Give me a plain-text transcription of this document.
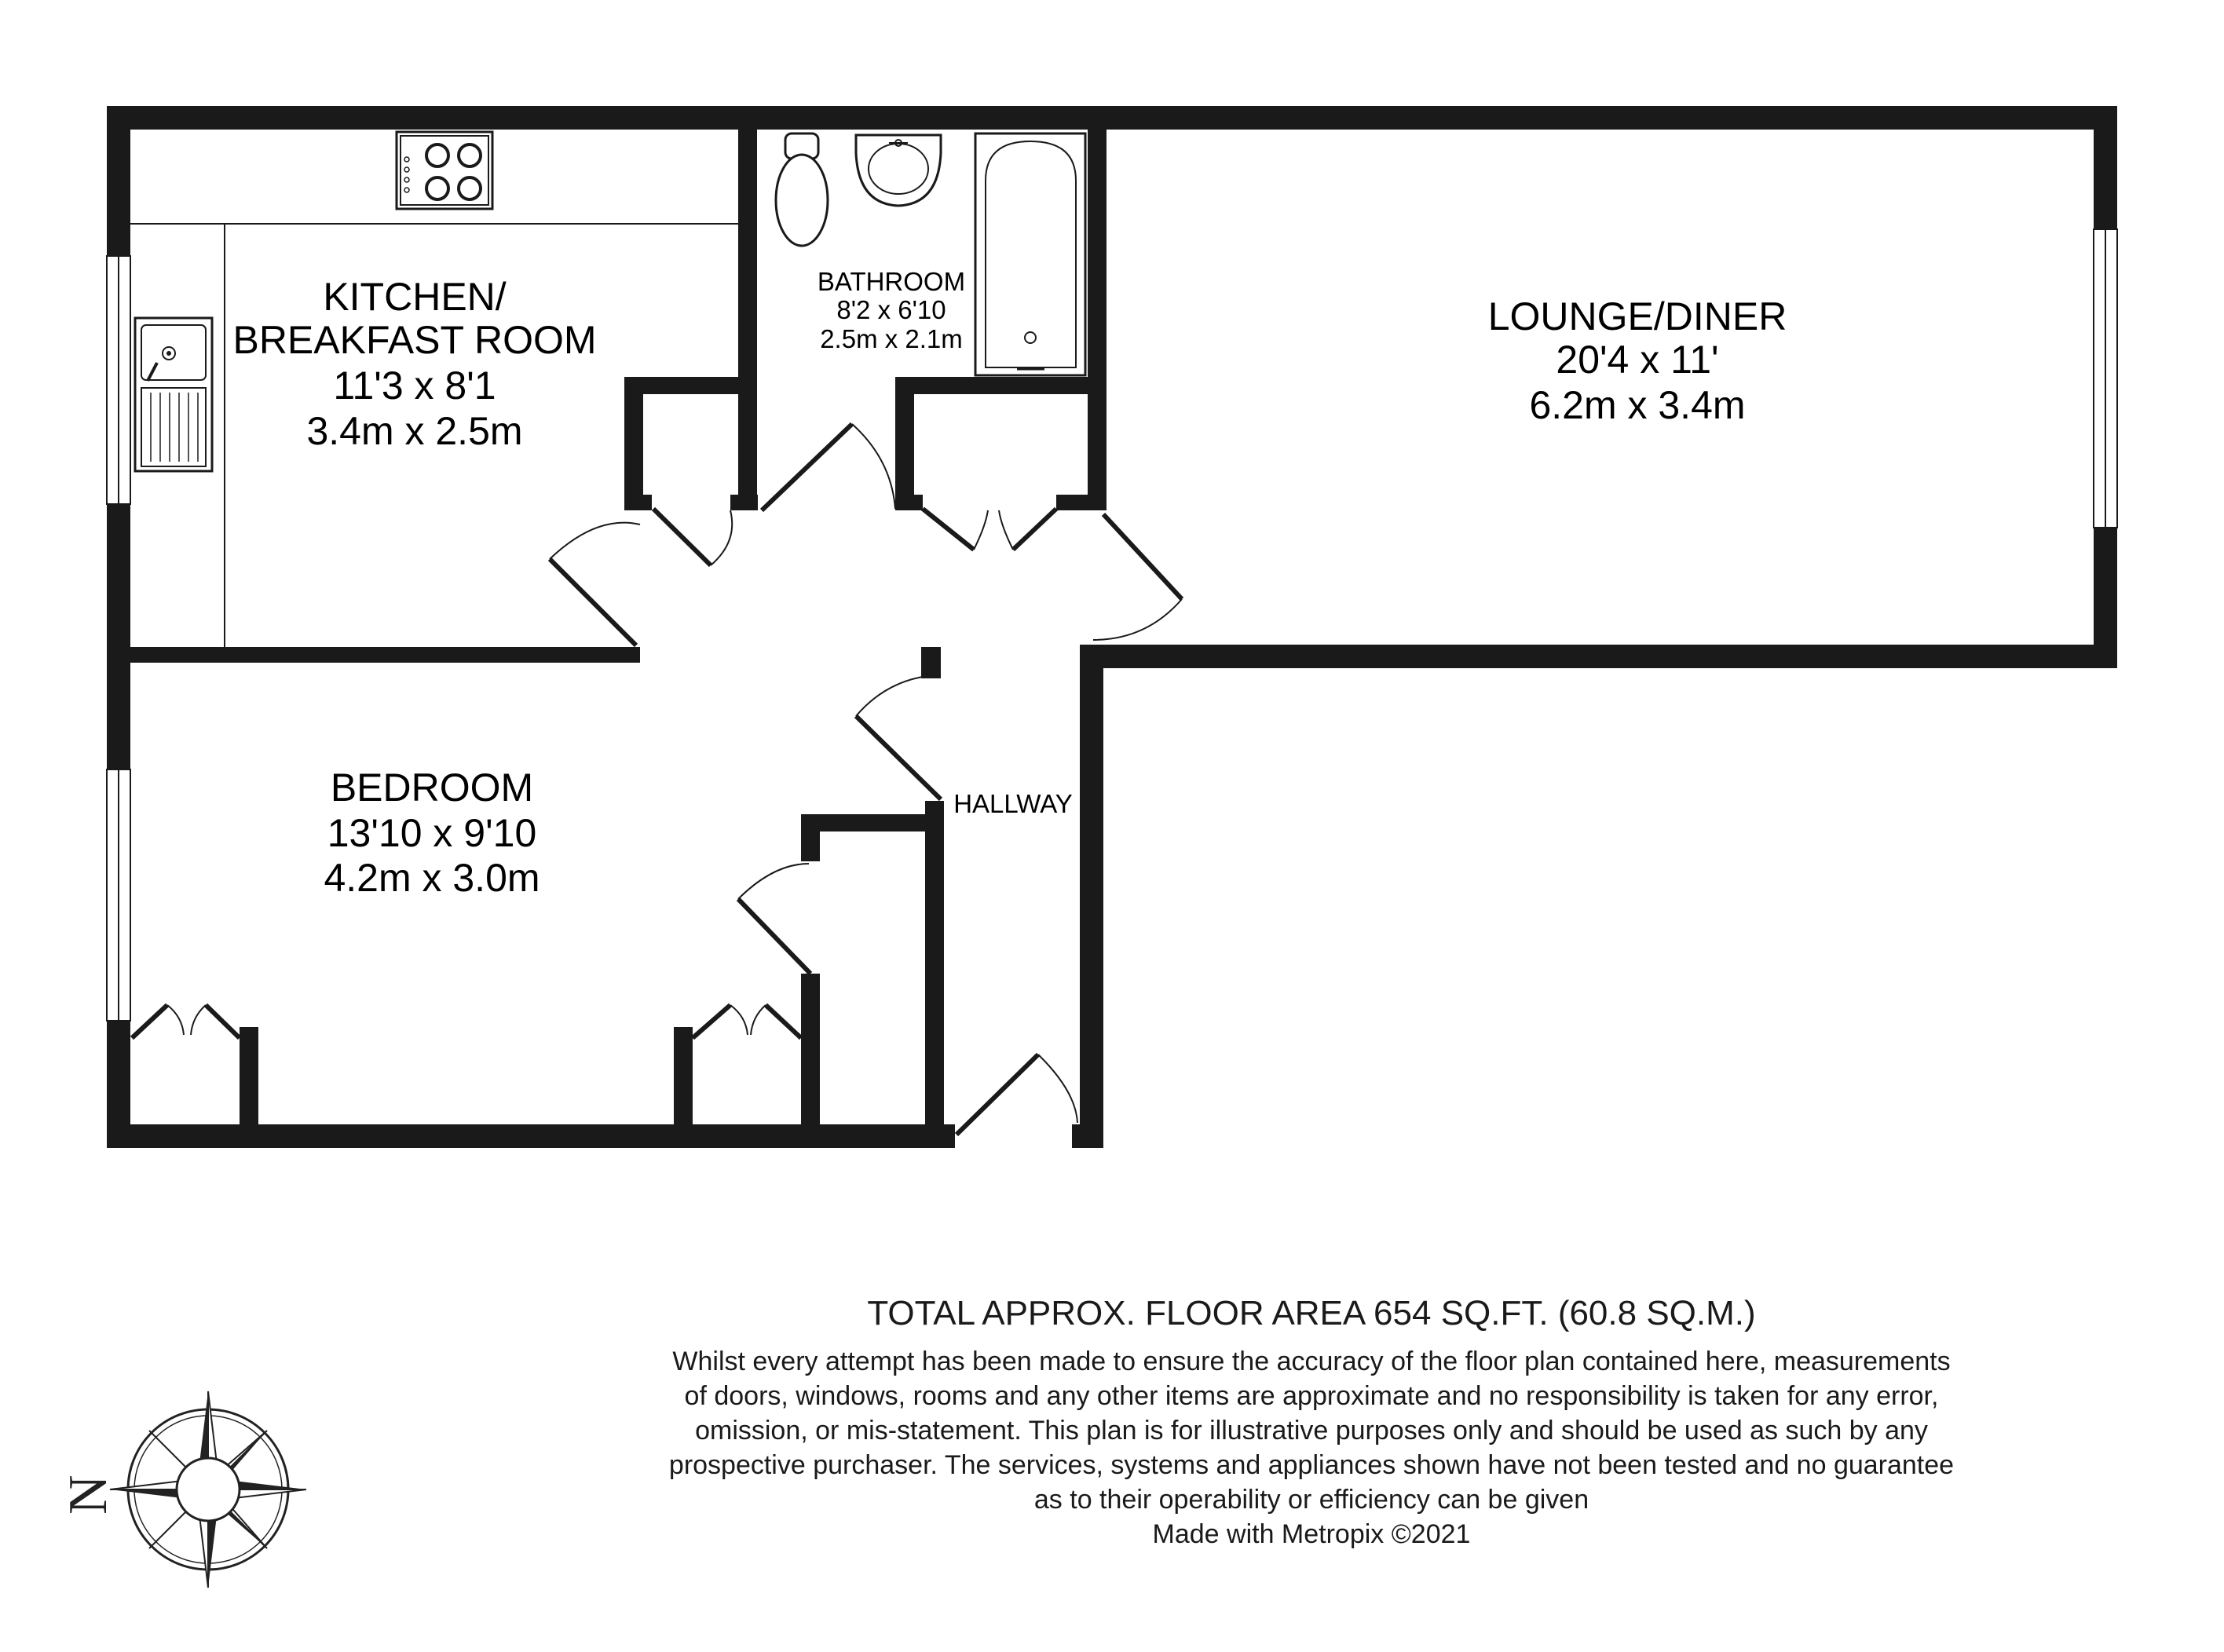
KITCHEN/
BREAKFAST ROOM
11'3 x 8'1
3.4m x 2.5m
BATHROOM
8'2 x 6'10
2.5m x 2.1m
LOUNGE/DINER
20'4 x 11'
6.2m x 3.4m
BEDROOM
13'10 x 9'10
4.2m x 3.0m
HALLWAY
N
TOTAL APPROX. FLOOR AREA 654 SQ.FT. (60.8 SQ.M.)
Whilst every attempt has been made to ensure the accuracy of the floor plan contained here, measurements
of doors, windows, rooms and any other items are approximate and no responsibility is taken for any error,
omission, or mis-statement. This plan is for illustrative purposes only and should be used as such by any
prospective purchaser. The services, systems and appliances shown have not been tested and no guarantee
as to their operability or efficiency can be given
Made with Metropix ©2021
